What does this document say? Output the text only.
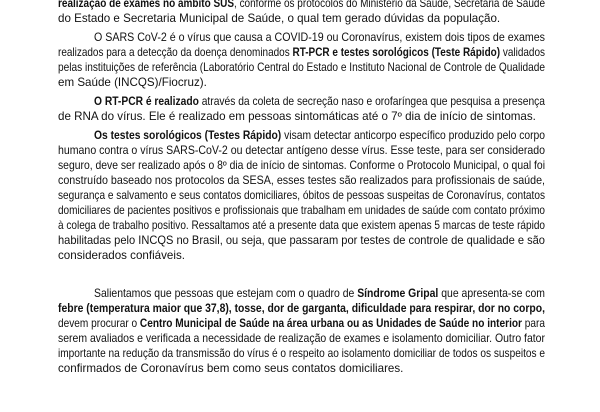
realização de exames no âmbito SUS, conforme os protocolos do Ministério da Saúde, Secretaria de Saúde
do Estado e Secretaria Municipal de Saúde, o qual tem gerado dúvidas da população.
O SARS CoV-2 é o vírus que causa a COVID-19 ou Coronavírus, existem dois tipos de exames
realizados para a detecção da doença denominados RT-PCR e testes sorológicos (Teste Rápido) validados
pelas instituições de referência (Laboratório Central do Estado e Instituto Nacional de Controle de Qualidade
em Saúde (INCQS)/Fiocruz).
O RT-PCR é realizado através da coleta de secreção naso e orofaríngea que pesquisa a presença
de RNA do vírus. Ele é realizado em pessoas sintomáticas até o 7º dia de início de sintomas.
Os testes sorológicos (Testes Rápido) visam detectar anticorpo específico produzido pelo corpo
humano contra o vírus SARS-CoV-2 ou detectar antígeno desse vírus. Esse teste, para ser considerado
seguro, deve ser realizado após o 8º dia de início de sintomas. Conforme o Protocolo Municipal, o qual foi
construído baseado nos protocolos da SESA, esses testes são realizados para profissionais de saúde,
segurança e salvamento e seus contatos domiciliares, óbitos de pessoas suspeitas de Coronavírus, contatos
domiciliares de pacientes positivos e profissionais que trabalham em unidades de saúde com contato próximo
à colega de trabalho positivo. Ressaltamos até a presente data que existem apenas 5 marcas de teste rápido
habilitadas pelo INCQS no Brasil, ou seja, que passaram por testes de controle de qualidade e são
considerados confiáveis.
Salientamos que pessoas que estejam com o quadro de Síndrome Gripal que apresenta-se com
febre (temperatura maior que 37,8), tosse, dor de garganta, dificuldade para respirar, dor no corpo,
devem procurar o Centro Municipal de Saúde na área urbana ou as Unidades de Saúde no interior para
serem avaliados e verificada a necessidade de realização de exames e isolamento domiciliar. Outro fator
importante na redução da transmissão do vírus é o respeito ao isolamento domiciliar de todos os suspeitos e
confirmados de Coronavírus bem como seus contatos domiciliares.
